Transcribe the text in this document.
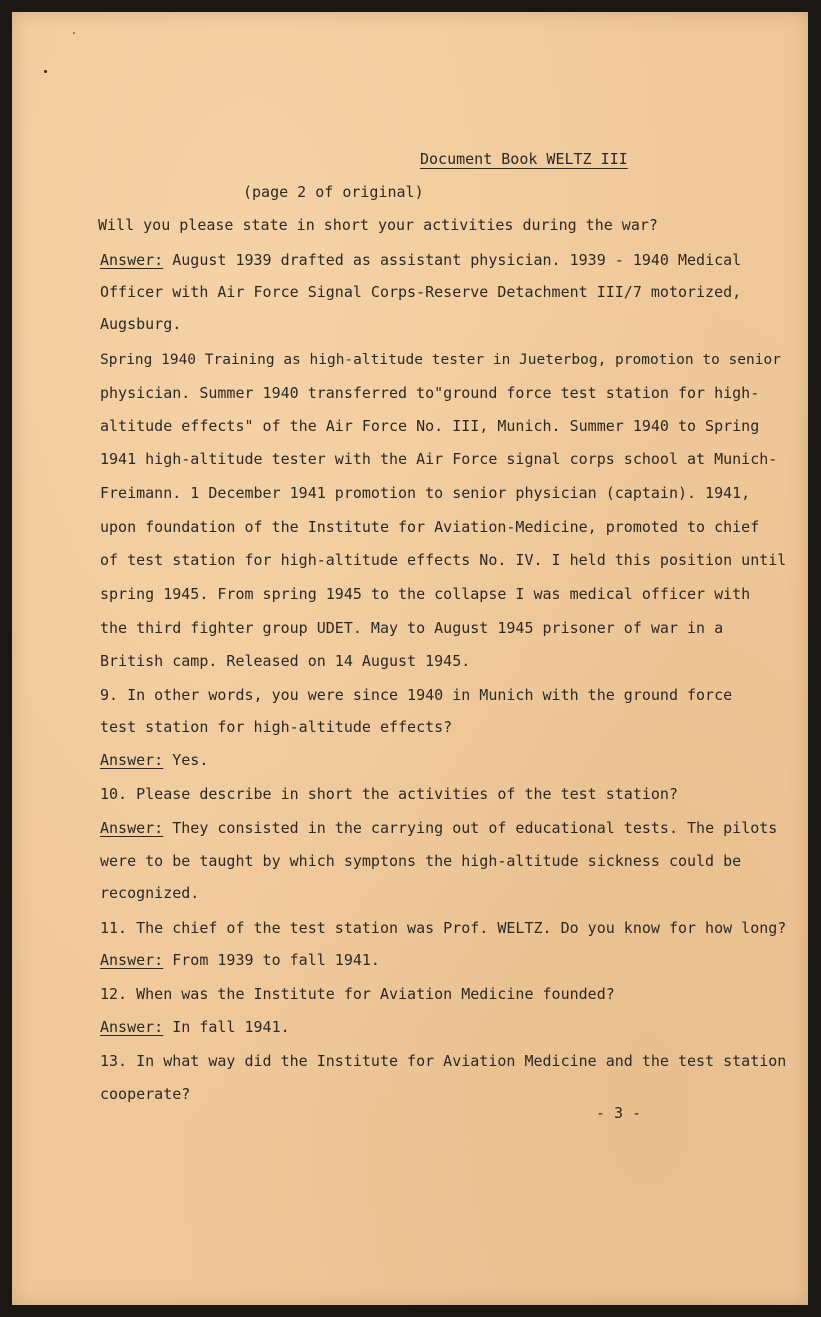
Document Book WELTZ III
(page 2 of original)
Will you please state in short your activities during the war?
Answer: August 1939 drafted as assistant physician. 1939 - 1940 Medical
Officer with Air Force Signal Corps-Reserve Detachment III/7 motorized,
Augsburg.
Spring 1940 Training as high-altitude tester in Jueterbog, promotion to senior
physician. Summer 1940 transferred to"ground force test station for high-
altitude effects" of the Air Force No. III, Munich. Summer 1940 to Spring
1941 high-altitude tester with the Air Force signal corps school at Munich-
Freimann. 1 December 1941 promotion to senior physician (captain). 1941,
upon foundation of the Institute for Aviation-Medicine, promoted to chief
of test station for high-altitude effects No. IV. I held this position until
spring 1945. From spring 1945 to the collapse I was medical officer with
the third fighter group UDET. May to August 1945 prisoner of war in a
British camp. Released on 14 August 1945.
9. In other words, you were since 1940 in Munich with the ground force
test station for high-altitude effects?
Answer: Yes.
10. Please describe in short the activities of the test station?
Answer: They consisted in the carrying out of educational tests. The pilots
were to be taught by which symptons the high-altitude sickness could be
recognized.
11. The chief of the test station was Prof. WELTZ. Do you know for how long?
Answer: From 1939 to fall 1941.
12. When was the Institute for Aviation Medicine founded?
Answer: In fall 1941.
13. In what way did the Institute for Aviation Medicine and the test station
cooperate?
- 3 -
